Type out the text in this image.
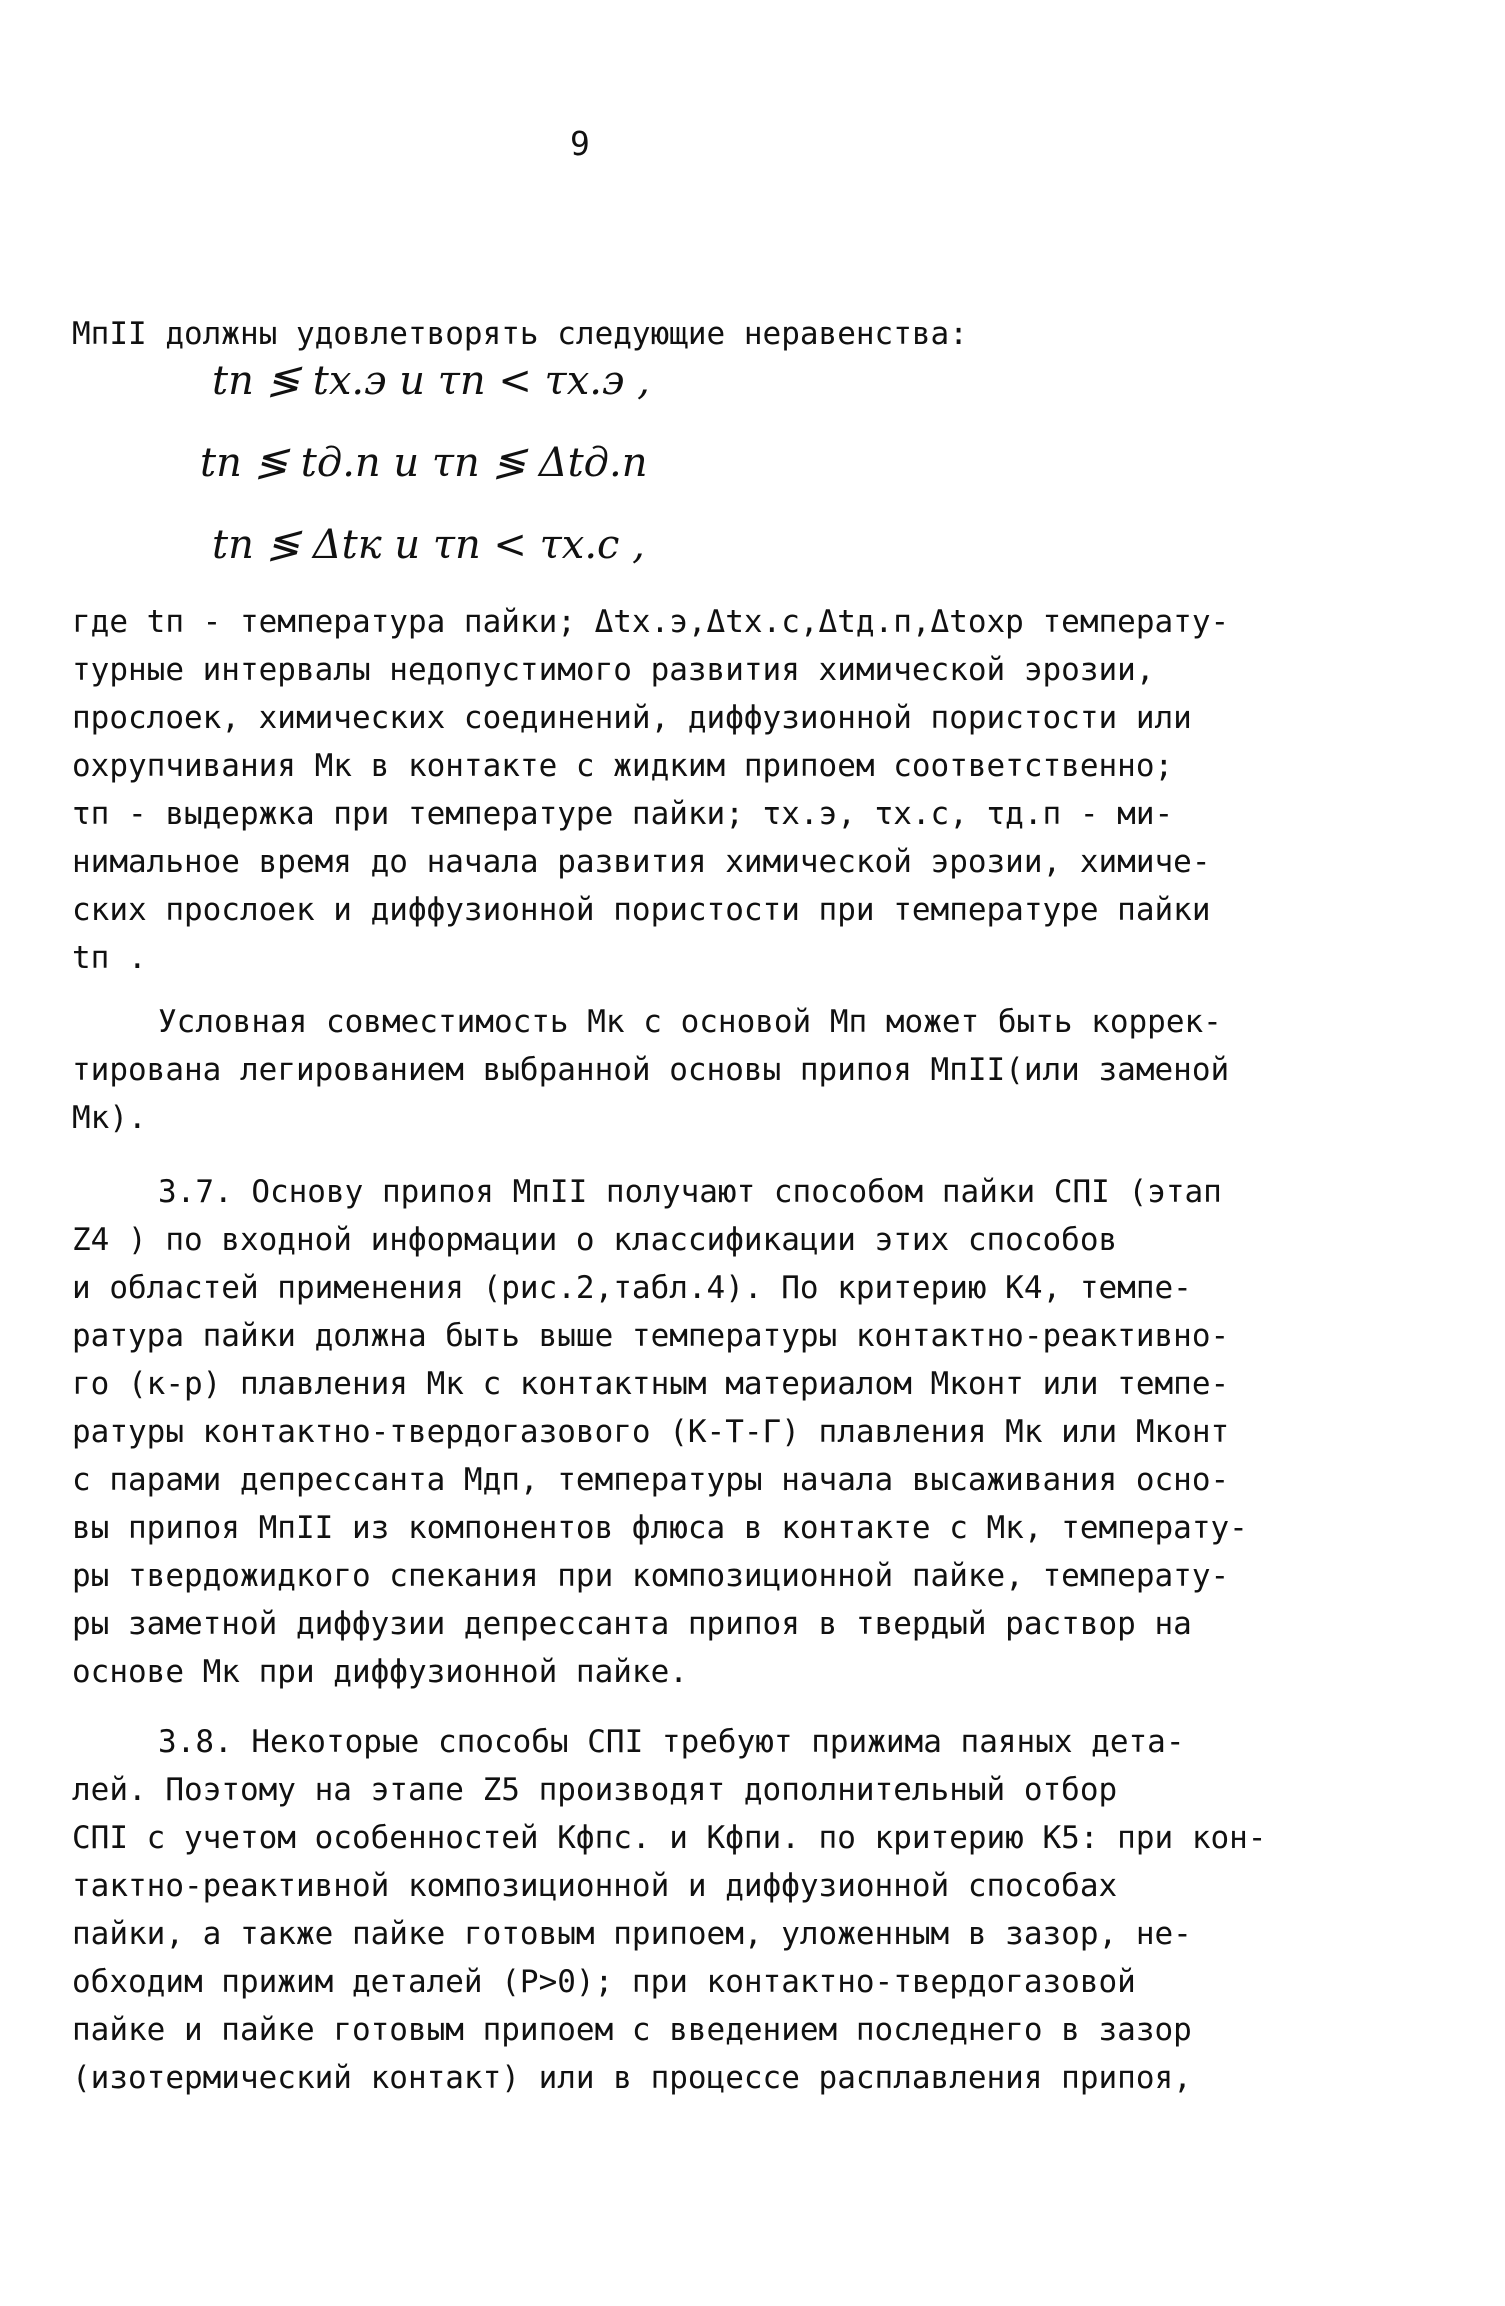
9
MпII должны удовлетворять следующие неравенства:
tп ≶ tх.э и τп < τх.э ,
tп ≶ tд.п и τп ≶ Δtд.п
tп ≶ Δtк и τп < τх.с ,
где tп - температура пайки; Δtх.э,Δtх.с,Δtд.п,Δtохр температу-
турные интервалы недопустимого развития химической эрозии,
прослоек, химических соединений, диффузионной пористости или
охрупчивания Мк в контакте с жидким припоем соответственно;
τп - выдержка при температуре пайки; τх.э, τх.с, τд.п - ми-
нимальное время до начала развития химической эрозии, химиче-
ских прослоек и диффузионной пористости при температуре пайки
tп .
Условная совместимость Мк с основой Мп может быть коррек-
тирована легированием выбранной основы припоя МпII(или заменой
Мк).
3.7. Основу припоя МпII получают способом пайки СПI (этап
Z4 ) по входной информации о классификации этих способов
и областей применения (рис.2,табл.4). По критерию К4, темпе-
ратура пайки должна быть выше температуры контактно-реактивно-
го (к-р) плавления Мк с контактным материалом Мконт или темпе-
ратуры контактно-твердогазового (К-Т-Г) плавления Мк или Мконт
с парами депрессанта Мдп, температуры начала высаживания осно-
вы припоя МпII из компонентов флюса в контакте с Мк, температу-
ры твердожидкого спекания при композиционной пайке, температу-
ры заметной диффузии депрессанта припоя в твердый раствор на
основе Мк при диффузионной пайке.
3.8. Некоторые способы СПI требуют прижима паяных дета-
лей. Поэтому на этапе Z5 производят дополнительный отбор
СПI с учетом особенностей Кфпс. и Кфпи. по критерию К5: при кон-
тактно-реактивной композиционной и диффузионной способах
пайки, а также пайке готовым припоем, уложенным в зазор, не-
обходим прижим деталей (Р>0); при контактно-твердогазовой
пайке и пайке готовым припоем с введением последнего в зазор
(изотермический контакт) или в процессе расплавления припоя,
